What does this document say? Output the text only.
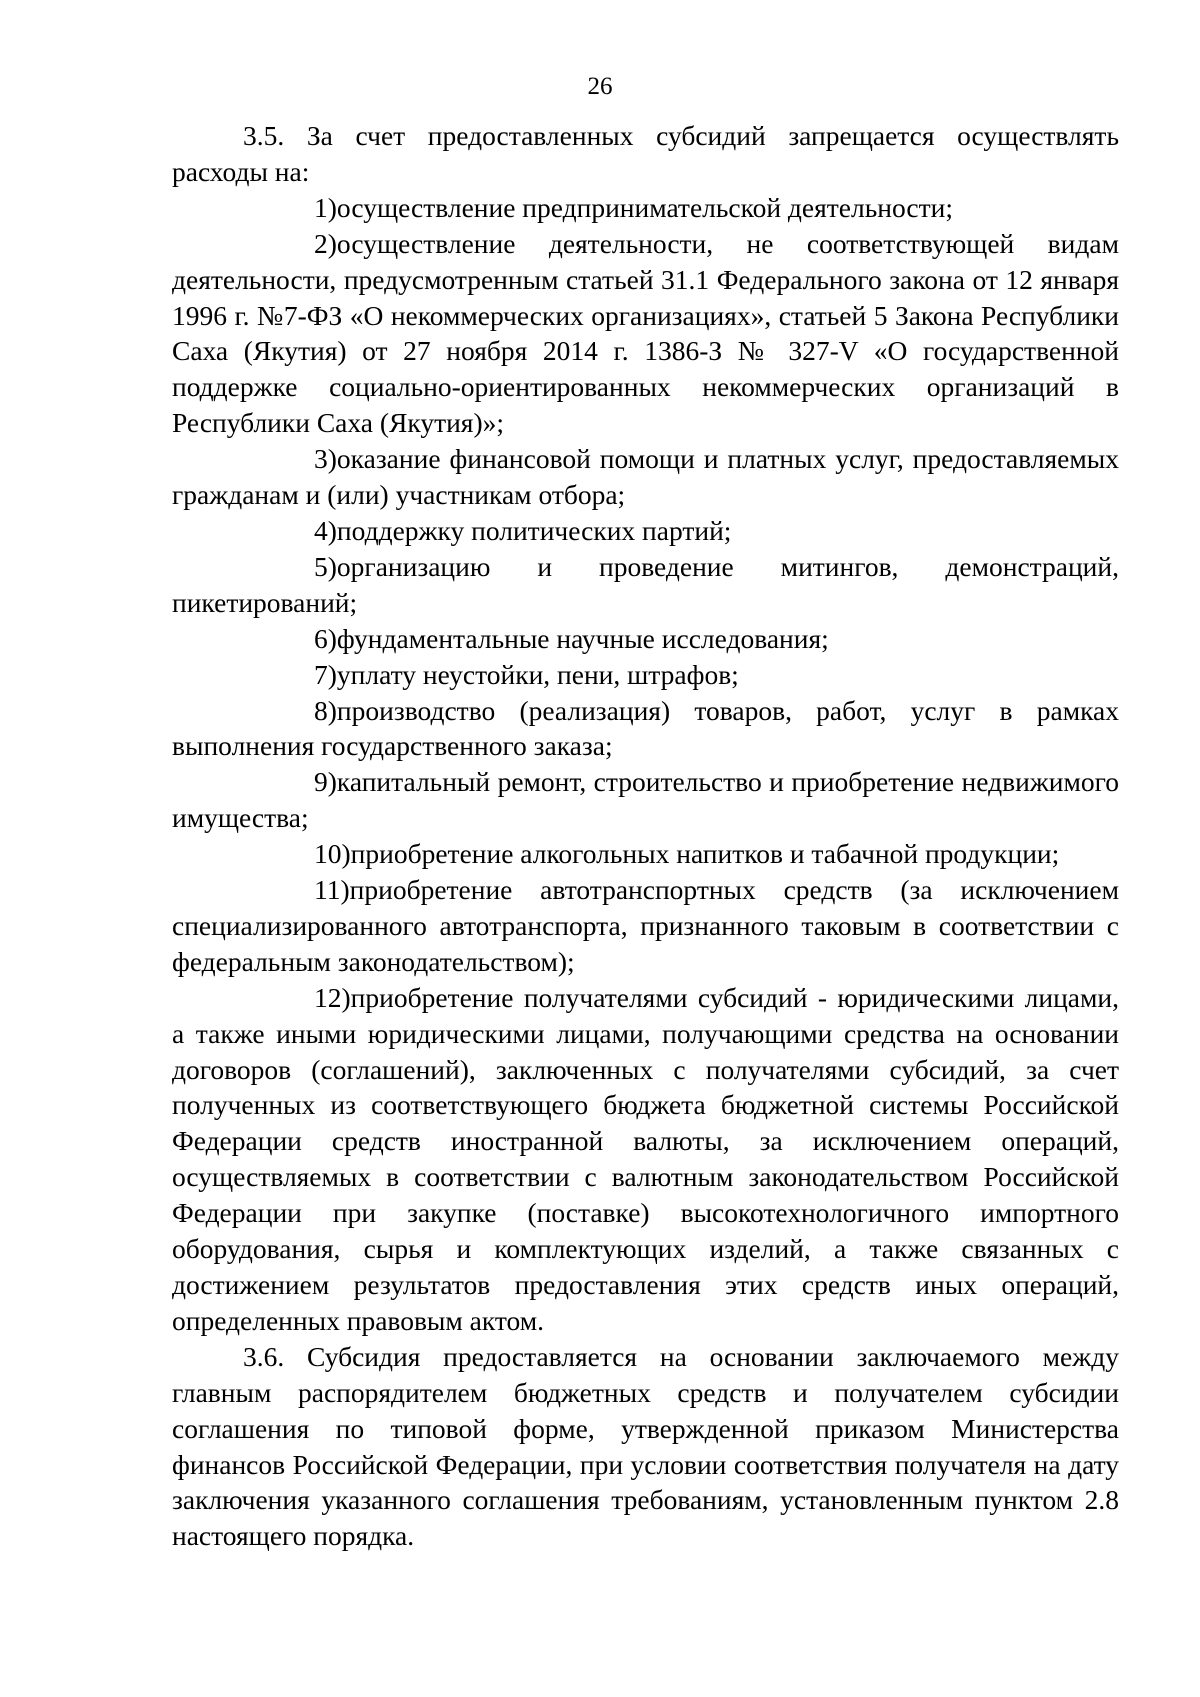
26

3.5. За счет предоставленных субсидий запрещается осуществлять расходы на:

1)осуществление предпринимательской деятельности;

2)осуществление деятельности, не соответствующей видам деятельности, предусмотренным статьей 31.1 Федерального закона от 12 января 1996 г. №7-ФЗ «О некоммерческих организациях», статьей 5 Закона Республики Саха (Якутия) от 27 ноября 2014 г. 1386-З № 327-V «О государственной поддержке социально-ориентированных некоммерческих организаций в Республики Саха (Якутия)»;

3)оказание финансовой помощи и платных услуг, предоставляемых гражданам и (или) участникам отбора;

4)поддержку политических партий;

5)организацию и проведение митингов, демонстраций, пикетирований;

6)фундаментальные научные исследования;

7)уплату неустойки, пени, штрафов;

8)производство (реализация) товаров, работ, услуг в рамках выполнения государственного заказа;

9)капитальный ремонт, строительство и приобретение недвижимого имущества;

10)приобретение алкогольных напитков и табачной продукции;

11)приобретение автотранспортных средств (за исключением специализированного автотранспорта, признанного таковым в соответствии с федеральным законодательством);

12)приобретение получателями субсидий - юридическими лицами, а также иными юридическими лицами, получающими средства на основании договоров (соглашений), заключенных с получателями субсидий, за счет полученных из соответствующего бюджета бюджетной системы Российской Федерации средств иностранной валюты, за исключением операций, осуществляемых в соответствии с валютным законодательством Российской Федерации при закупке (поставке) высокотехнологичного импортного оборудования, сырья и комплектующих изделий, а также связанных с достижением результатов предоставления этих средств иных операций, определенных правовым актом.

3.6. Субсидия предоставляется на основании заключаемого между главным распорядителем бюджетных средств и получателем субсидии соглашения по типовой форме, утвержденной приказом Министерства финансов Российской Федерации, при условии соответствия получателя на дату заключения указанного соглашения требованиям, установленным пунктом 2.8 настоящего порядка.
